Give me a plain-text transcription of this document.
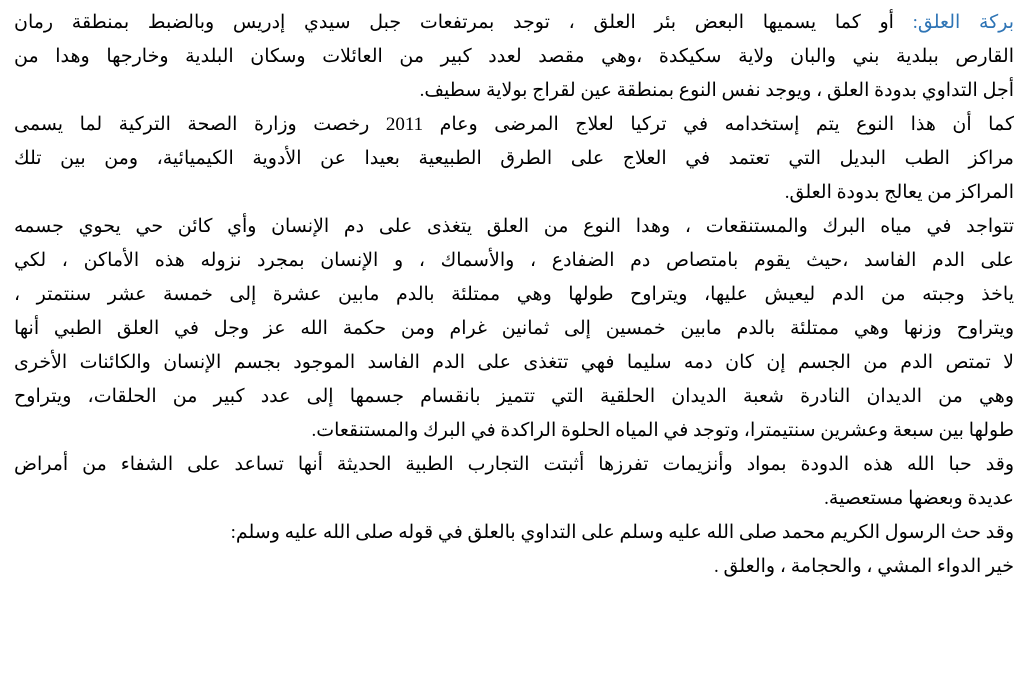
بركة العلق: أو كما يسميها البعض بئر العلق ، توجد بمرتفعات جبل سيدي إدريس وبالضبط بمنطقة رمان
القارص ببلدية بني والبان ولاية سكيكدة ،وهي مقصد لعدد كبير من العائلات وسكان البلدية وخارجها وهدا من
أجل التداوي بدودة العلق ، ويوجد نفس النوع بمنطقة عين لقراج بولاية سطيف.
كما أن هذا النوع يتم إستخدامه في تركيا لعلاج المرضى وعام 2011 رخصت وزارة الصحة التركية لما يسمى
مراكز الطب البديل التي تعتمد في العلاج على الطرق الطبيعية بعيدا عن الأدوية الكيميائية، ومن بين تلك
المراكز من يعالج بدودة العلق.
تتواجد في مياه البرك والمستنقعات ، وهدا النوع من العلق يتغذى على دم الإنسان وأي كائن حي يحوي جسمه
على الدم الفاسد ،حيث يقوم بامتصاص دم الضفادع ، والأسماك ، و الإنسان بمجرد نزوله هذه الأماكن ، لكي
ياخذ وجبته من الدم ليعيش عليها، ويتراوح طولها وهي ممتلئة بالدم مابين عشرة إلى خمسة عشر سنتمتر ،
ويتراوح وزنها وهي ممتلئة بالدم مابين خمسين إلى ثمانين غرام ومن حكمة الله عز وجل في العلق الطبي أنها
لا تمتص الدم من الجسم إن كان دمه سليما فهي تتغذى على الدم الفاسد الموجود بجسم الإنسان والكائنات الأخرى
وهي من الديدان النادرة شعبة الديدان الحلقية التي تتميز بانقسام جسمها إلى عدد كبير من الحلقات، ويتراوح
طولها بين سبعة وعشرين سنتيمترا، وتوجد في المياه الحلوة الراكدة في البرك والمستنقعات.
وقد حبا الله هذه الدودة بمواد وأنزيمات تفرزها أثبتت التجارب الطبية الحديثة أنها تساعد على الشفاء من أمراض
عديدة وبعضها مستعصية.
وقد حث الرسول الكريم محمد صلى الله عليه وسلم على التداوي بالعلق في قوله صلى الله عليه وسلم:
خير الدواء المشي ، والحجامة ، والعلق .
